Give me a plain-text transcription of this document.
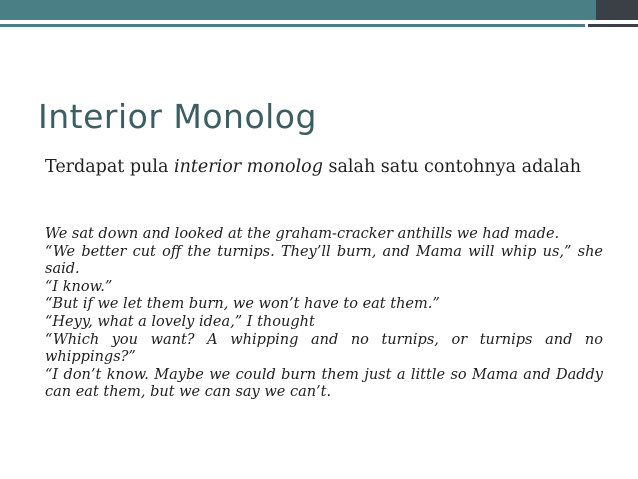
Interior Monolog

Terdapat pula interior monolog salah satu contohnya adalah

We sat down and looked at the graham-cracker anthills we had made.
“We better cut off the turnips. They’ll burn, and Mama will whip us,” she said.
“I know.”
“But if we let them burn, we won’t have to eat them.”
“Heyy, what a lovely idea,” I thought
“Which you want? A whipping and no turnips, or turnips and no whippings?”
“I don’t know. Maybe we could burn them just a little so Mama and Daddy can eat them, but we can say we can’t.
